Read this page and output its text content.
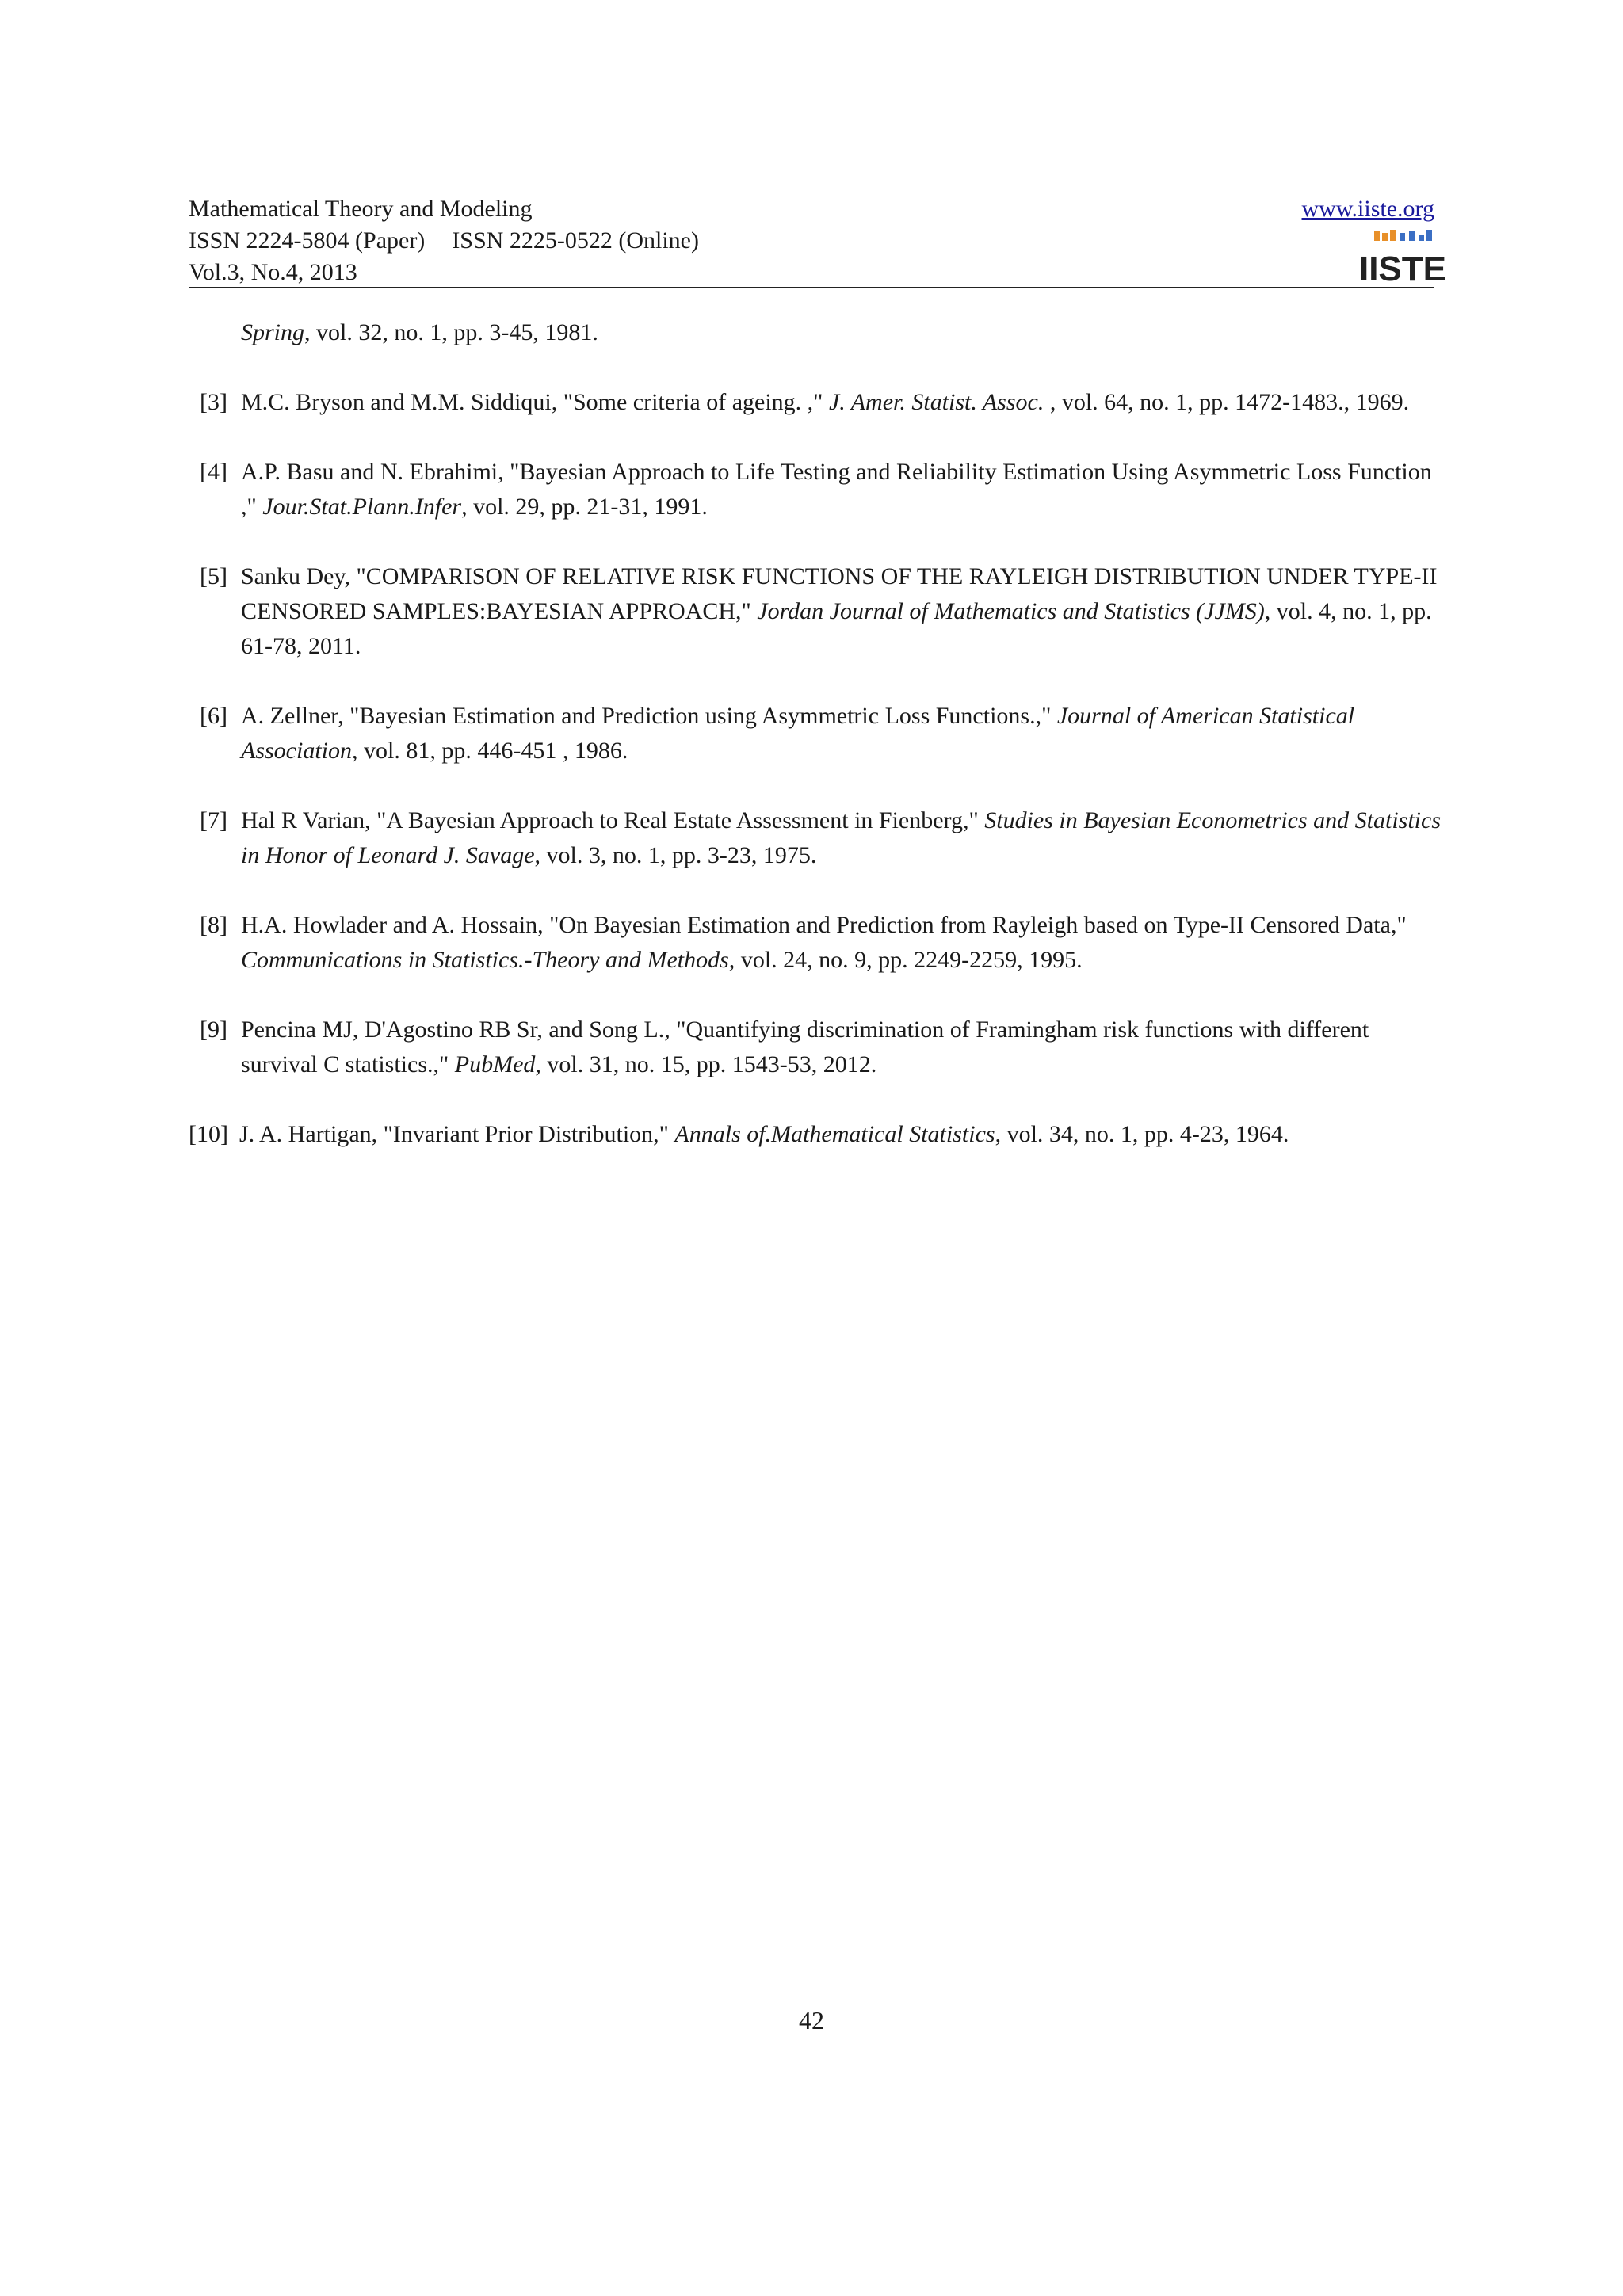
Mathematical Theory and Modeling
ISSN 2224-5804 (Paper) ISSN 2225-0522 (Online)
Vol.3, No.4, 2013
www.iiste.org
IISTE
Spring, vol. 32, no. 1, pp. 3-45, 1981.
[3] M.C. Bryson and M.M. Siddiqui, "Some criteria of ageing. ," J. Amer. Statist. Assoc. , vol. 64, no. 1, pp. 1472-1483., 1969.
[4] A.P. Basu and N. Ebrahimi, "Bayesian Approach to Life Testing and Reliability Estimation Using Asymmetric Loss Function ," Jour.Stat.Plann.Infer, vol. 29, pp. 21-31, 1991.
[5] Sanku Dey, "COMPARISON OF RELATIVE RISK FUNCTIONS OF THE RAYLEIGH DISTRIBUTION UNDER TYPE-II CENSORED SAMPLES:BAYESIAN APPROACH," Jordan Journal of Mathematics and Statistics (JJMS), vol. 4, no. 1, pp. 61-78, 2011.
[6] A. Zellner, "Bayesian Estimation and Prediction using Asymmetric Loss Functions.," Journal of American Statistical Association, vol. 81, pp. 446-451 , 1986.
[7] Hal R Varian, "A Bayesian Approach to Real Estate Assessment in Fienberg," Studies in Bayesian Econometrics and Statistics in Honor of Leonard J. Savage, vol. 3, no. 1, pp. 3-23, 1975.
[8] H.A. Howlader and A. Hossain, "On Bayesian Estimation and Prediction from Rayleigh based on Type-II Censored Data," Communications in Statistics.-Theory and Methods, vol. 24, no. 9, pp. 2249-2259, 1995.
[9] Pencina MJ, D'Agostino RB Sr, and Song L., "Quantifying discrimination of Framingham risk functions with different survival C statistics.," PubMed, vol. 31, no. 15, pp. 1543-53, 2012.
[10] J. A. Hartigan, "Invariant Prior Distribution," Annals of.Mathematical Statistics, vol. 34, no. 1, pp. 4-23, 1964.
42
